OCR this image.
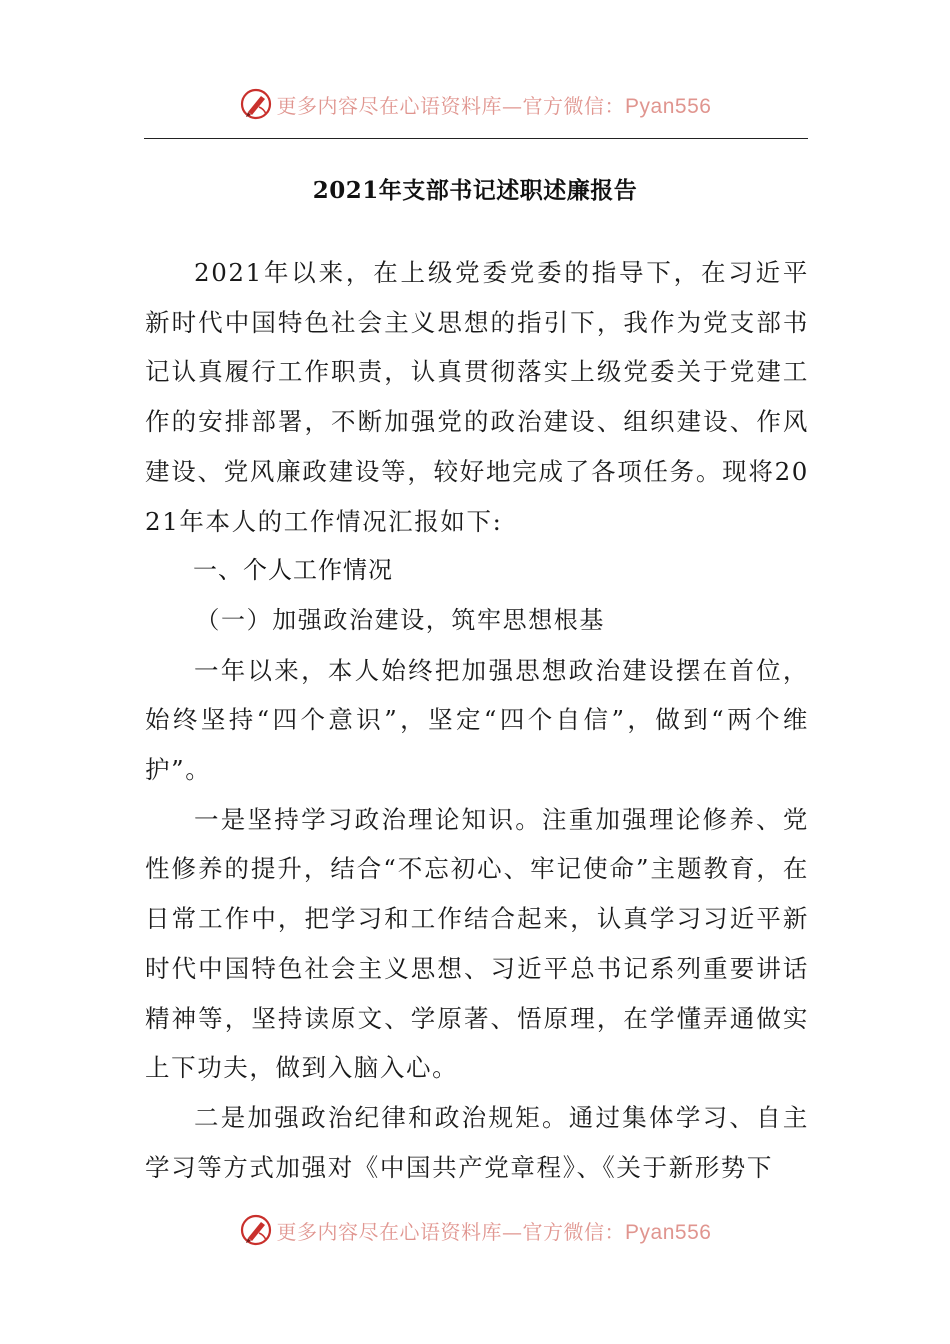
更多内容尽在心语资料库—官方微信：Pyan556
2021年支部书记述职述廉报告

2021年以来，在上级党委党委的指导下，在习近平新时代中国特色社会主义思想的指引下，我作为党支部书记认真履行工作职责，认真贯彻落实上级党委关于党建工作的安排部署，不断加强党的政治建设、组织建设、作风建设、党风廉政建设等，较好地完成了各项任务。现将2021年本人的工作情况汇报如下:

一、个人工作情况

（一）加强政治建设，筑牢思想根基

一年以来，本人始终把加强思想政治建设摆在首位，始终坚持“四个意识”，坚定“四个自信”，做到“两个维护”。

一是坚持学习政治理论知识。注重加强理论修养、党性修养的提升，结合“不忘初心、牢记使命”主题教育，在日常工作中，把学习和工作结合起来，认真学习习近平新时代中国特色社会主义思想、习近平总书记系列重要讲话精神等，坚持读原文、学原著、悟原理，在学懂弄通做实上下功夫，做到入脑入心。

二是加强政治纪律和政治规矩。通过集体学习、自主学习等方式加强对《中国共产党章程》、《关于新形势下

更多内容尽在心语资料库—官方微信：Pyan556
